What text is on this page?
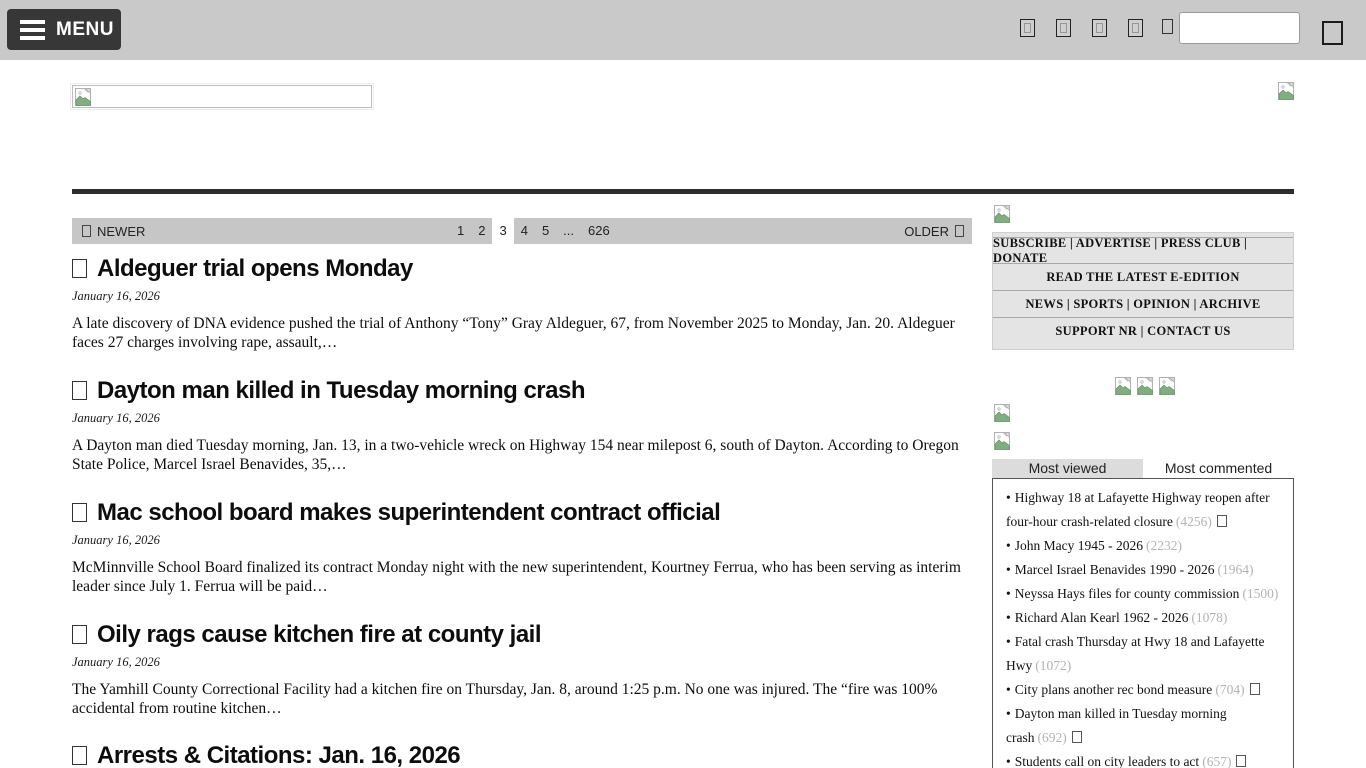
MENU
NEWER	1	2	3	4	5	...	626	OLDER
Aldeguer trial opens Monday
January 16, 2026
A late discovery of DNA evidence pushed the trial of Anthony “Tony” Gray Aldeguer, 67, from November 2025 to Monday, Jan. 20. Aldeguer faces 27 charges involving rape, assault,…
Dayton man killed in Tuesday morning crash
January 16, 2026
A Dayton man died Tuesday morning, Jan. 13, in a two-vehicle wreck on Highway 154 near milepost 6, south of Dayton. According to Oregon State Police, Marcel Israel Benavides, 35,…
Mac school board makes superintendent contract official
January 16, 2026
McMinnville School Board finalized its contract Monday night with the new superintendent, Kourtney Ferrua, who has been serving as interim leader since July 1. Ferrua will be paid…
Oily rags cause kitchen fire at county jail
January 16, 2026
The Yamhill County Correctional Facility had a kitchen fire on Thursday, Jan. 8, around 1:25 p.m. No one was injured. The “fire was 100% accidental from routine kitchen…
Arrests & Citations: Jan. 16, 2026
SUBSCRIBE | ADVERTISE | PRESS CLUB | DONATE
READ THE LATEST E-EDITION
NEWS | SPORTS | OPINION | ARCHIVE
SUPPORT NR | CONTACT US
Most viewed	Most commented
• Highway 18 at Lafayette Highway reopen after four-hour crash-related closure ( 4256 )
• John Macy 1945 - 2026 ( 2232 )
• Marcel Israel Benavides 1990 - 2026 ( 1964 )
• Neyssa Hays files for county commission ( 1500 )
• Richard Alan Kearl 1962 - 2026 ( 1078 )
• Fatal crash Thursday at Hwy 18 and Lafayette Hwy ( 1072 )
• City plans another rec bond measure ( 704 )
• Dayton man killed in Tuesday morning crash ( 692 )
• Students call on city leaders to act ( 657 )
